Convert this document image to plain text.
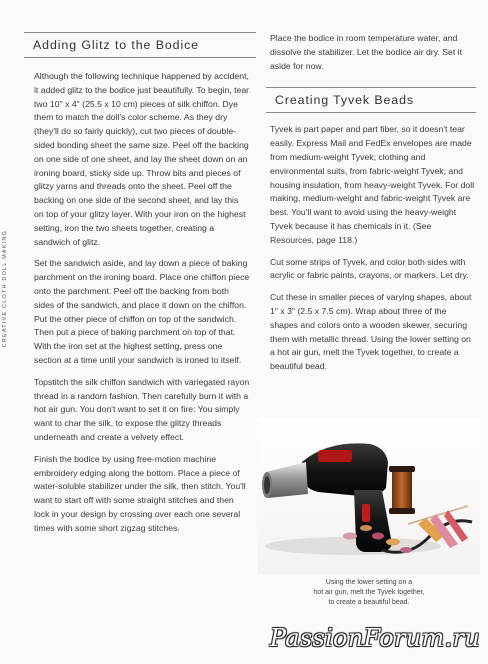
CREATIVE CLOTH DOLL MAKING
Adding Glitz to the Bodice

Although the following technique happened by accident, it added glitz to the bodice just beautifully. To begin, tear two 10" x 4" (25.5 x 10 cm) pieces of silk chiffon. Dye them to match the doll's color scheme. As they dry (they'll do so fairly quickly), cut two pieces of double-sided bonding sheet the same size. Peel off the backing on one side of one sheet, and lay the sheet down on an ironing board, sticky side up. Throw bits and pieces of glitzy yarns and threads onto the sheet. Peel off the backing on one side of the second sheet, and lay this on top of your glitzy layer. With your iron on the highest setting, iron the two sheets together, creating a sandwich of glitz.

Set the sandwich aside, and lay down a piece of baking parchment on the ironing board. Place one chiffon piece onto the parchment. Peel off the backing from both sides of the sandwich, and place it down on the chiffon. Put the other piece of chiffon on top of the sandwich. Then put a piece of baking parchment on top of that. With the iron set at the highest setting, press one section at a time until your sandwich is ironed to itself.

Topstitch the silk chiffon sandwich with variegated rayon thread in a random fashion. Then carefully burn it with a hot air gun. You don't want to set it on fire: You simply want to char the silk, to expose the glitzy threads underneath and create a velvety effect.

Finish the bodice by using free-motion machine embroidery edging along the bottom. Place a piece of water-soluble stabilizer under the silk, then stitch. You'll want to start off with some straight stitches and then lock in your design by crossing over each one several times with some short zigzag stitches.

Place the bodice in room temperature water, and dissolve the stabilizer. Let the bodice air dry. Set it aside for now.

Creating Tyvek Beads

Tyvek is part paper and part fiber, so it doesn't tear easily. Express Mail and FedEx envelopes are made from medium-weight Tyvek; clothing and environmental suits, from fabric-weight Tyvek; and housing insulation, from heavy-weight Tyvek. For doll making, medium-weight and fabric-weight Tyvek are best. You'll want to avoid using the heavy-weight Tyvek because it has chemicals in it. (See Resources, page 118.)

Cut some strips of Tyvek, and color both sides with acrylic or fabric paints, crayons, or markers. Let dry.

Cut these in smaller pieces of varying shapes, about 1" x 3" (2.5 x 7.5 cm). Wrap about three of the shapes and colors onto a wooden skewer, securing them with metallic thread. Using the lower setting on a hot air gun, melt the Tyvek together, to create a beautiful bead.

Using the lower setting on a
hot air gun, melt the Tyvek together,
to create a beautiful bead.
PassionForum.ru
